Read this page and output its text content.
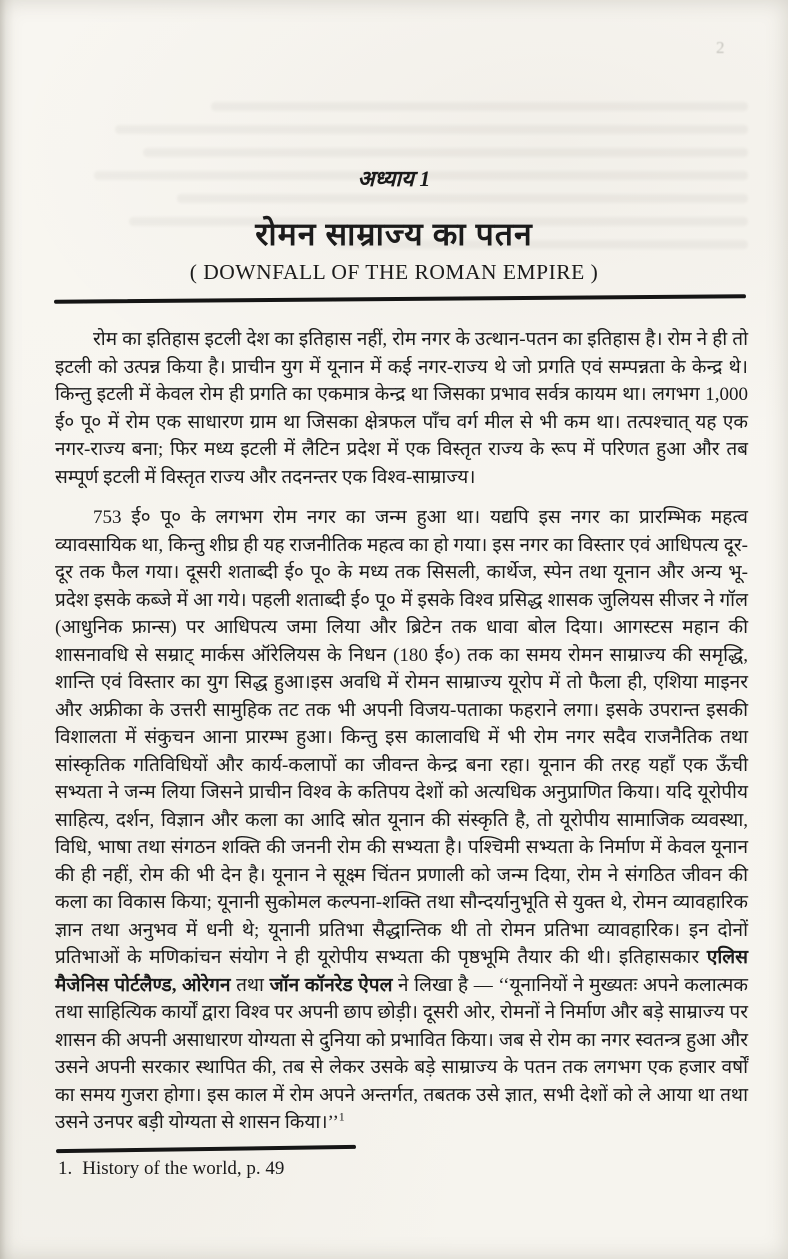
2
अध्याय 1
रोमन साम्राज्य का पतन
( DOWNFALL OF THE ROMAN EMPIRE )

रोम का इतिहास इटली देश का इतिहास नहीं, रोम नगर के उत्थान-पतन का इतिहास है। रोम ने ही तो इटली को उत्पन्न किया है। प्राचीन युग में यूनान में कई नगर-राज्य थे जो प्रगति एवं सम्पन्नता के केन्द्र थे। किन्तु इटली में केवल रोम ही प्रगति का एकमात्र केन्द्र था जिसका प्रभाव सर्वत्र कायम था। लगभग 1,000 ई० पू० में रोम एक साधारण ग्राम था जिसका क्षेत्रफल पाँच वर्ग मील से भी कम था। तत्पश्चात् यह एक नगर-राज्य बना; फिर मध्य इटली में लैटिन प्रदेश में एक विस्तृत राज्य के रूप में परिणत हुआ और तब सम्पूर्ण इटली में विस्तृत राज्य और तदनन्तर एक विश्व-साम्राज्य।

753 ई० पू० के लगभग रोम नगर का जन्म हुआ था। यद्यपि इस नगर का प्रारम्भिक महत्व व्यावसायिक था, किन्तु शीघ्र ही यह राजनीतिक महत्व का हो गया। इस नगर का विस्तार एवं आधिपत्य दूर-दूर तक फैल गया। दूसरी शताब्दी ई० पू० के मध्य तक सिसली, कार्थेज, स्पेन तथा यूनान और अन्य भू-प्रदेश इसके कब्जे में आ गये। पहली शताब्दी ई० पू० में इसके विश्व प्रसिद्ध शासक जुलियस सीजर ने गॉल (आधुनिक फ्रान्स) पर आधिपत्य जमा लिया और ब्रिटेन तक धावा बोल दिया। आगस्टस महान की शासनावधि से सम्राट् मार्कस ऑरेलियस के निधन (180 ई०) तक का समय रोमन साम्राज्य की समृद्धि, शान्ति एवं विस्तार का युग सिद्ध हुआ।इस अवधि में रोमन साम्राज्य यूरोप में तो फैला ही, एशिया माइनर और अफ्रीका के उत्तरी सामुहिक तट तक भी अपनी विजय-पताका फहराने लगा। इसके उपरान्त इसकी विशालता में संकुचन आना प्रारम्भ हुआ। किन्तु इस कालावधि में भी रोम नगर सदैव राजनैतिक तथा सांस्कृतिक गतिविधियों और कार्य-कलापों का जीवन्त केन्द्र बना रहा। यूनान की तरह यहाँ एक ऊँची सभ्यता ने जन्म लिया जिसने प्राचीन विश्व के कतिपय देशों को अत्यधिक अनुप्राणित किया। यदि यूरोपीय साहित्य, दर्शन, विज्ञान और कला का आदि स्रोत यूनान की संस्कृति है, तो यूरोपीय सामाजिक व्यवस्था, विधि, भाषा तथा संगठन शक्ति की जननी रोम की सभ्यता है। पश्चिमी सभ्यता के निर्माण में केवल यूनान की ही नहीं, रोम की भी देन है। यूनान ने सूक्ष्म चिंतन प्रणाली को जन्म दिया, रोम ने संगठित जीवन की कला का विकास किया; यूनानी सुकोमल कल्पना-शक्ति तथा सौन्दर्यानुभूति से युक्त थे, रोमन व्यावहारिक ज्ञान तथा अनुभव में धनी थे; यूनानी प्रतिभा सैद्धान्तिक थी तो रोमन प्रतिभा व्यावहारिक। इन दोनों प्रतिभाओं के मणिकांचन संयोग ने ही यूरोपीय सभ्यता की पृष्ठभूमि तैयार की थी। इतिहासकार एलिस मैजेनिस पोर्टलैण्ड, ओरेगन तथा जॉन कॉनरेड ऐपल ने लिखा है — ‘‘यूनानियों ने मुख्यतः अपने कलात्मक तथा साहित्यिक कार्यों द्वारा विश्व पर अपनी छाप छोड़ी। दूसरी ओर, रोमनों ने निर्माण और बड़े साम्राज्य पर शासन की अपनी असाधारण योग्यता से दुनिया को प्रभावित किया। जब से रोम का नगर स्वतन्त्र हुआ और उसने अपनी सरकार स्थापित की, तब से लेकर उसके बड़े साम्राज्य के पतन तक लगभग एक हजार वर्षों का समय गुजरा होगा। इस काल में रोम अपने अन्तर्गत, तबतक उसे ज्ञात, सभी देशों को ले आया था तथा उसने उनपर बड़ी योग्यता से शासन किया।’’$^1$

1. History of the world, p. 49
